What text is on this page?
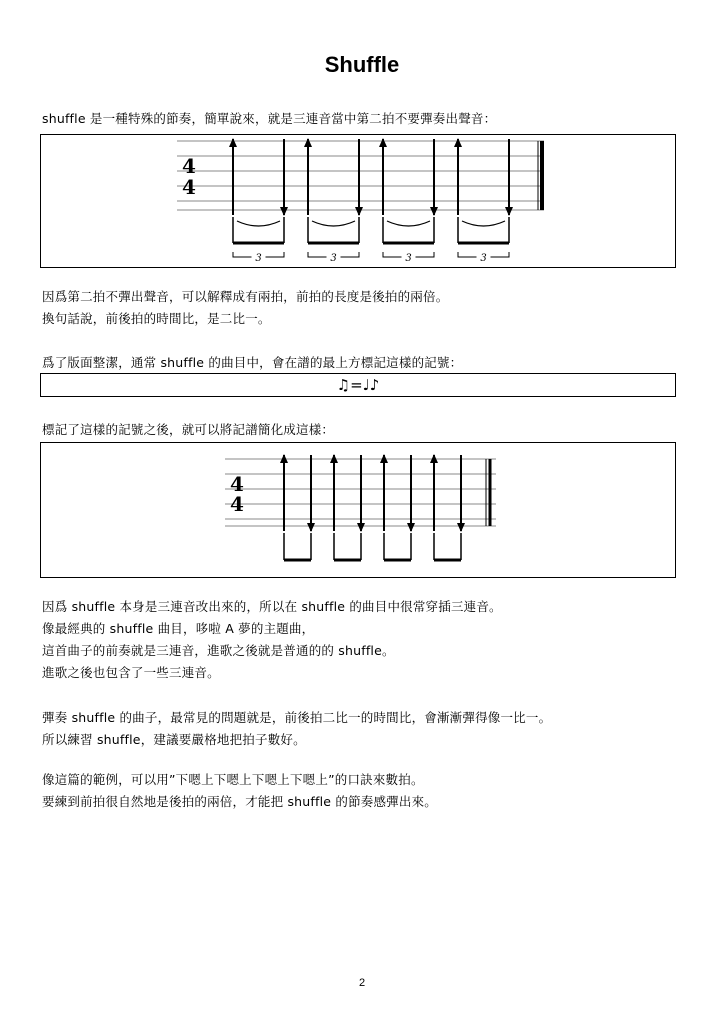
Shuffle
shuffle 是一種特殊的節奏，簡單說來，就是三連音當中第二拍不要彈奏出聲音：
4
4
3	3	3	3
因爲第二拍不彈出聲音，可以解釋成有兩拍，前拍的長度是後拍的兩倍。
換句話說，前後拍的時間比，是二比一。
爲了版面整潔，通常 shuffle 的曲目中，會在譜的最上方標記這樣的記號：
♫=♩♪
標記了這樣的記號之後，就可以將記譜簡化成這樣：
4
4
因爲 shuffle 本身是三連音改出來的，所以在 shuffle 的曲目中很常穿插三連音。
像最經典的 shuffle 曲目，哆啦 A 夢的主題曲，
這首曲子的前奏就是三連音，進歌之後就是普通的的 shuffle。
進歌之後也包含了一些三連音。
彈奏 shuffle 的曲子，最常見的問題就是，前後拍二比一的時間比，會漸漸彈得像一比一。
所以練習 shuffle，建議要嚴格地把拍子數好。
像這篇的範例，可以用”下嗯上下嗯上下嗯上下嗯上”的口訣來數拍。
要練到前拍很自然地是後拍的兩倍，才能把 shuffle 的節奏感彈出來。
2
